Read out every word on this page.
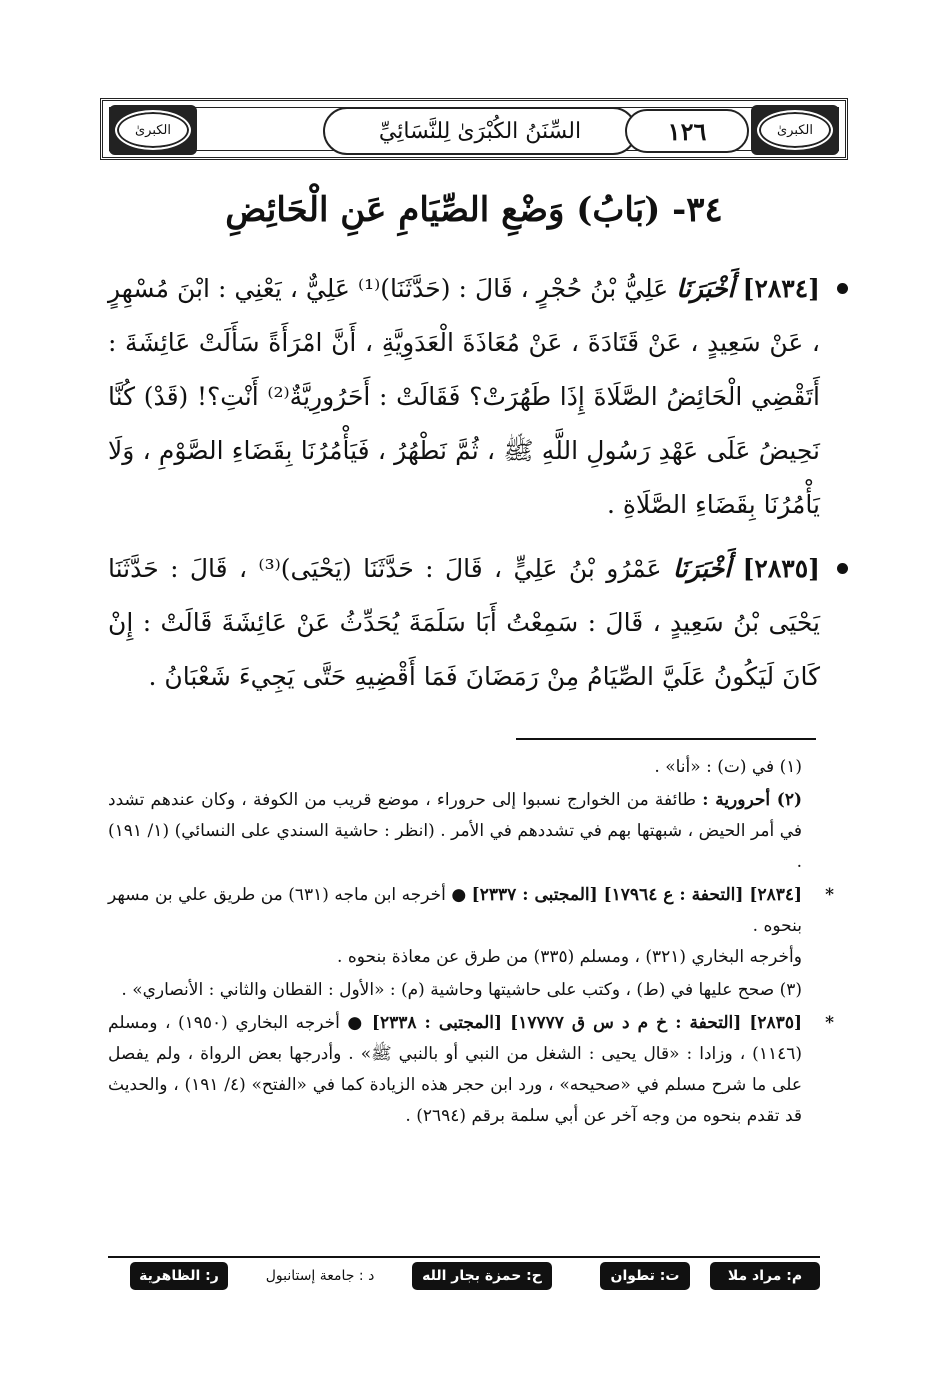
الكبرىٰ	السِّنَنُ الكُبْرَىٰ لِلنَّسَائِيِّ	١٢٦	الكبرىٰ
٣٤- (بَابُ) وَضْعِ الصِّيَامِ عَنِ الْحَائِضِ

[٢٨٣٤] أَخْبَرَنَا عَلِيُّ بْنُ حُجْرٍ ، قَالَ : (حَدَّثَنَا)⁽¹⁾ عَلِيٌّ ، يَعْنِي : ابْنَ مُسْهِرٍ ، عَنْ سَعِيدٍ ، عَنْ قَتَادَةَ ، عَنْ مُعَاذَةَ الْعَدَوِيَّةِ ، أَنَّ امْرَأَةً سَأَلَتْ عَائِشَةَ : أَتَقْضِي الْحَائِضُ الصَّلَاةَ إِذَا طَهُرَتْ؟ فَقَالَتْ : أَحَرُورِيَّةٌ⁽²⁾ أَنْتِ؟! (قَدْ) كُنَّا نَحِيضُ عَلَى عَهْدِ رَسُولِ اللَّهِ ﷺ ، ثُمَّ نَطْهُرُ ، فَيَأْمُرُنَا بِقَضَاءِ الصَّوْمِ ، وَلَا يَأْمُرُنَا بِقَضَاءِ الصَّلَاةِ .

[٢٨٣٥] أَخْبَرَنَا عَمْرُو بْنُ عَلِيٍّ ، قَالَ : حَدَّثَنَا (يَحْيَى)⁽³⁾ ، قَالَ : حَدَّثَنَا يَحْيَى بْنُ سَعِيدٍ ، قَالَ : سَمِعْتُ أَبَا سَلَمَةَ يُحَدِّثُ عَنْ عَائِشَةَ قَالَتْ : إِنْ كَانَ لَيَكُونُ عَلَيَّ الصِّيَامُ مِنْ رَمَضَانَ فَمَا أَقْضِيهِ حَتَّى يَجِيءَ شَعْبَانُ .

(١) في (ت) : «أنا» .
(٢) أحرورية : طائفة من الخوارج نسبوا إلى حروراء ، موضع قريب من الكوفة ، وكان عندهم تشدد في أمر الحيض ، شبهتها بهم في تشددهم في الأمر . (انظر : حاشية السندي على النسائي) (١/ ١٩١) .
*
[٢٨٣٤] [التحفة : ع ١٧٩٦٤] [المجتبى : ٢٣٣٧] ● أخرجه ابن ماجه (٦٣١) من طريق علي بن مسهر بنحوه .
وأخرجه البخاري (٣٢١) ، ومسلم (٣٣٥) من طرق عن معاذة بنحوه .
(٣) صحح عليها في (ط) ، وكتب على حاشيتها وحاشية (م) : «الأول : القطان والثاني : الأنصاري» .
*
[٢٨٣٥] [التحفة : خ م د س ق ١٧٧٧٧] [المجتبى : ٢٣٣٨] ● أخرجه البخاري (١٩٥٠) ، ومسلم (١١٤٦) ، وزادا : «قال يحيى : الشغل من النبي أو بالنبي ﷺ» . وأدرجها بعض الرواة ، ولم يفصل على ما شرح مسلم في «صحيحه» ، ورد ابن حجر هذه الزيادة كما في «الفتح» (٤/ ١٩١) ، والحديث قد تقدم بنحوه من وجه آخر عن أبي سلمة برقم (٢٦٩٤) .
م: مراد ملا
ت: تطوان
ح: حمزة بجار الله
د : جامعة إستانبول
ر: الظاهرية
